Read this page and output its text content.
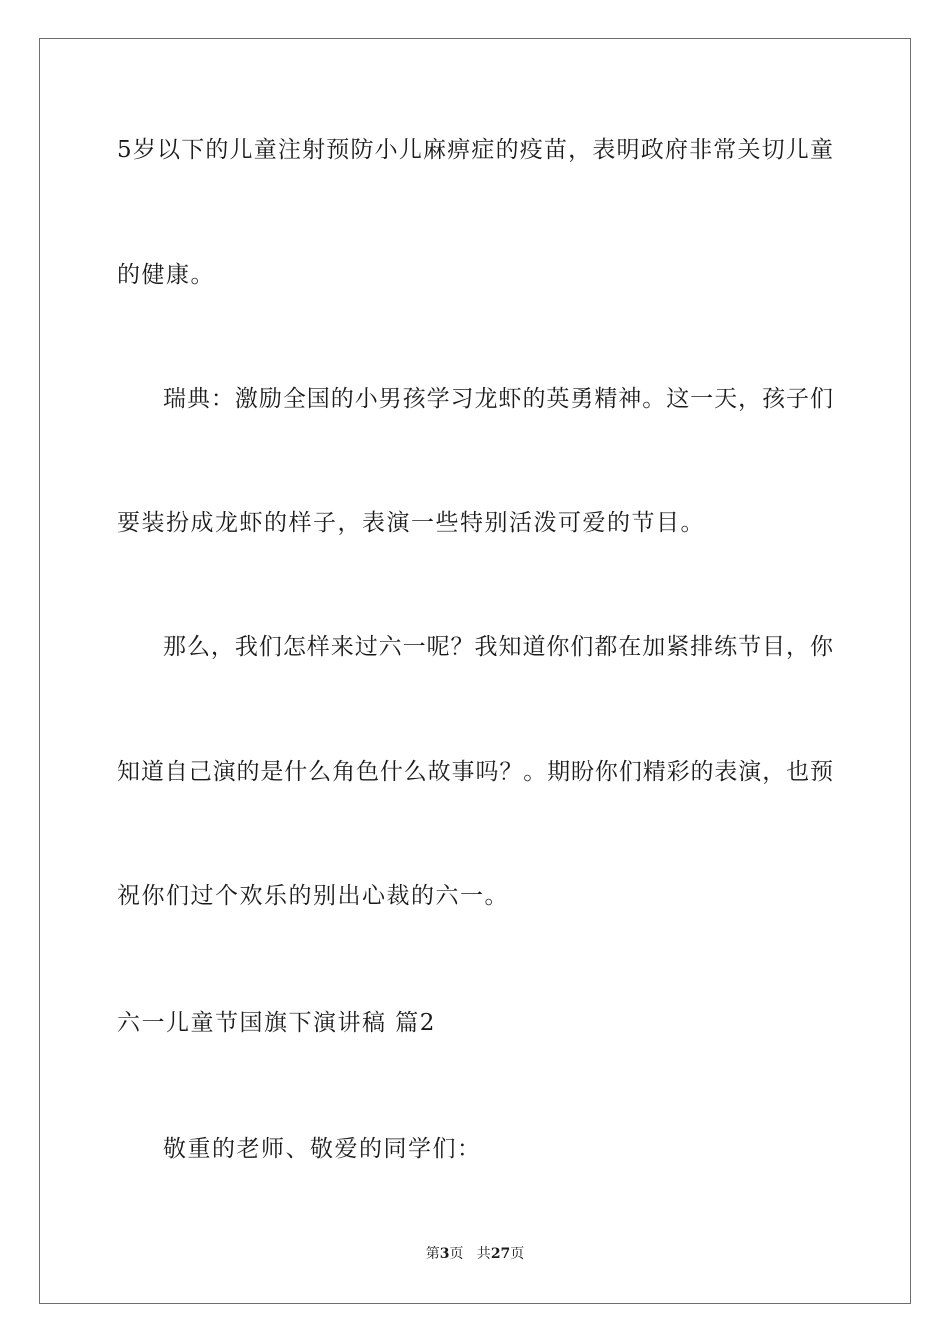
5岁以下的儿童注射预防小儿麻痹症的疫苗，表明政府非常关切儿童
的健康。
瑞典：激励全国的小男孩学习龙虾的英勇精神。这一天，孩子们
要装扮成龙虾的样子，表演一些特别活泼可爱的节目。
那么，我们怎样来过六一呢？我知道你们都在加紧排练节目，你
知道自己演的是什么角色什么故事吗？。期盼你们精彩的表演，也预
祝你们过个欢乐的别出心裁的六一。
六一儿童节国旗下演讲稿 篇2
敬重的老师、敬爱的同学们：
第3页   共27页
